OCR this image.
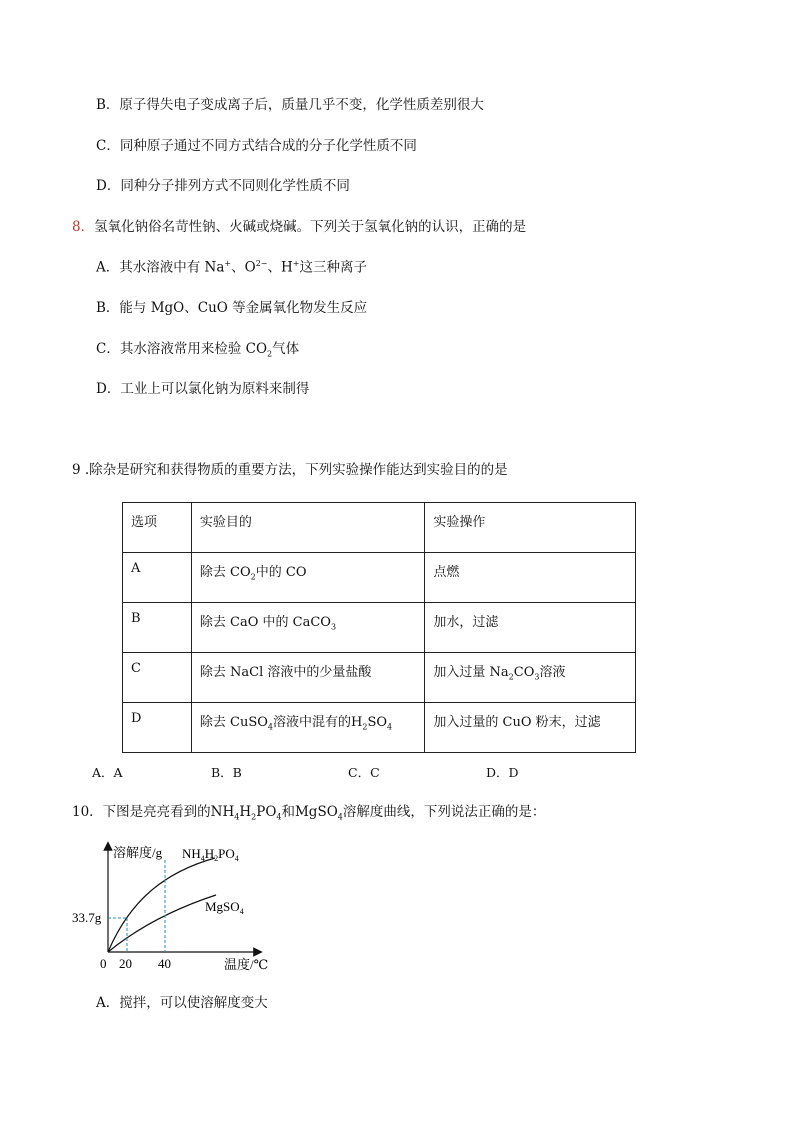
B．原子得失电子变成离子后，质量几乎不变，化学性质差别很大
C．同种原子通过不同方式结合成的分子化学性质不同
D．同种分子排列方式不同则化学性质不同
8．氢氧化钠俗名苛性钠、火碱或烧碱。下列关于氢氧化钠的认识，正确的是
A．其水溶液中有 Na+、$O^{2-}$、H+这三种离子
B．能与 MgO、CuO 等金属氧化物发生反应
C．其水溶液常用来检验 $CO_2$气体
D．工业上可以氯化钠为原料来制得
9 .除杂是研究和获得物质的重要方法，下列实验操作能达到实验目的的是
选项	实验目的	实验操作
A	除去 $CO_2$中的 CO	点燃
B	除去 CaO 中的 CaCO$_3$	加水，过滤
C	除去 NaCl 溶液中的少量盐酸	加入过量 $Na_2CO_3$溶液
D	除去 CuSO$_4$溶液中混有的$H_2SO_4$	加入过量的 CuO 粉末，过滤
A．A	B．B	C．C	D．D
10．下图是亮亮看到的$NH_4H_2PO_4$和MgSO$_4$溶解度曲线，下列说法正确的是：
溶解度/g
33.7g
0 20 40	温度/℃
$NH_4H_2PO_4$
MgSO$_4$
A．搅拌，可以使溶解度变大
